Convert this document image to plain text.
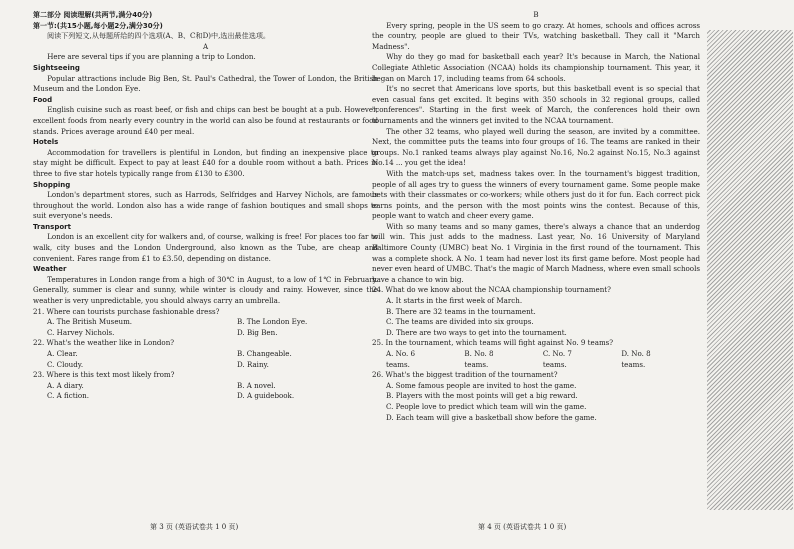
第二部分 阅读理解(共两节,满分40分)

第一节:(共15小题,每小题2分,满分30分)

阅读下列短文,从每题所给的四个选项(A、B、C和D)中,选出最佳选项。

A

Here are several tips if you are planning a trip to London.

Sightseeing

Popular attractions include Big Ben, St. Paul's Cathedral, the Tower of London, the British Museum and the London Eye.

Food

English cuisine such as roast beef, or fish and chips can best be bought at a pub. However, excellent foods from nearly every country in the world can also be found at restaurants or food stands. Prices average around £40 per meal.

Hotels

Accommodation for travellers is plentiful in London, but finding an inexpensive place to stay might be difficult. Expect to pay at least £40 for a double room without a bath. Prices in three to five star hotels typically range from £130 to £300.

Shopping

London's department stores, such as Harrods, Selfridges and Harvey Nichols, are famous throughout the world. London also has a wide range of fashion boutiques and small shops to suit everyone's needs.

Transport

London is an excellent city for walkers and, of course, walking is free! For places too far to walk, city buses and the London Underground, also known as the Tube, are cheap and convenient. Fares range from £1 to £3.50, depending on distance.

Weather

Temperatures in London range from a high of 30℃ in August, to a low of 1℃ in February. Generally, summer is clear and sunny, while winter is cloudy and rainy. However, since the weather is very unpredictable, you should always carry an umbrella.

21. Where can tourists purchase fashionable dress?

A. The British Museum.	B. The London Eye.
C. Harvey Nichols.	D. Big Ben.

22. What's the weather like in London?

A. Clear.	B. Changeable.
C. Cloudy.	D. Rainy.

23. Where is this text most likely from?

A. A diary.	B. A novel.
C. A fiction.	D. A guidebook.
第 3 页 (英语试卷共 1 0 页)

B

Every spring, people in the US seem to go crazy. At homes, schools and offices across the country, people are glued to their TVs, watching basketball. They call it "March Madness".

Why do they go mad for basketball each year? It's because in March, the National Collegiate Athletic Association (NCAA) holds its championship tournament. This year, it began on March 17, including teams from 64 schools.

It's no secret that Americans love sports, but this basketball event is so special that even casual fans get excited. It begins with 350 schools in 32 regional groups, called "conferences". Starting in the first week of March, the conferences hold their own tournaments and the winners get invited to the NCAA tournament.

The other 32 teams, who played well during the season, are invited by a committee. Next, the committee puts the teams into four groups of 16. The teams are ranked in their groups. No.1 ranked teams always play against No.16, No.2 against No.15, No.3 against No.14 ... you get the idea!

With the match-ups set, madness takes over. In the tournament's biggest tradition, people of all ages try to guess the winners of every tournament game. Some people make bets with their classmates or co-workers; while others just do it for fun. Each correct pick earns points, and the person with the most points wins the contest. Because of this, people want to watch and cheer every game.

With so many teams and so many games, there's always a chance that an underdog will win. This just adds to the madness. Last year, No. 16 University of Maryland Baltimore County (UMBC) beat No. 1 Virginia in the first round of the tournament. This was a complete shock. A No. 1 team had never lost its first game before. Most people had never even heard of UMBC. That's the magic of March Madness, where even small schools have a chance to win big.

24. What do we know about the NCAA championship tournament?

A. It starts in the first week of March.
B. There are 32 teams in the tournament.
C. The teams are divided into six groups.
D. There are two ways to get into the tournament.

25. In the tournament, which teams will fight against No. 9 teams?

A. No. 6 teams.
B. No. 8 teams.
C. No. 7 teams.
D. No. 8 teams.

26. What's the biggest tradition of the tournament?

A. Some famous people are invited to host the game.
B. Players with the most points will get a big reward.
C. People love to predict which team will win the game.
D. Each team will give a basketball show before the game.
第 4 页 (英语试卷共 1 0 页)
